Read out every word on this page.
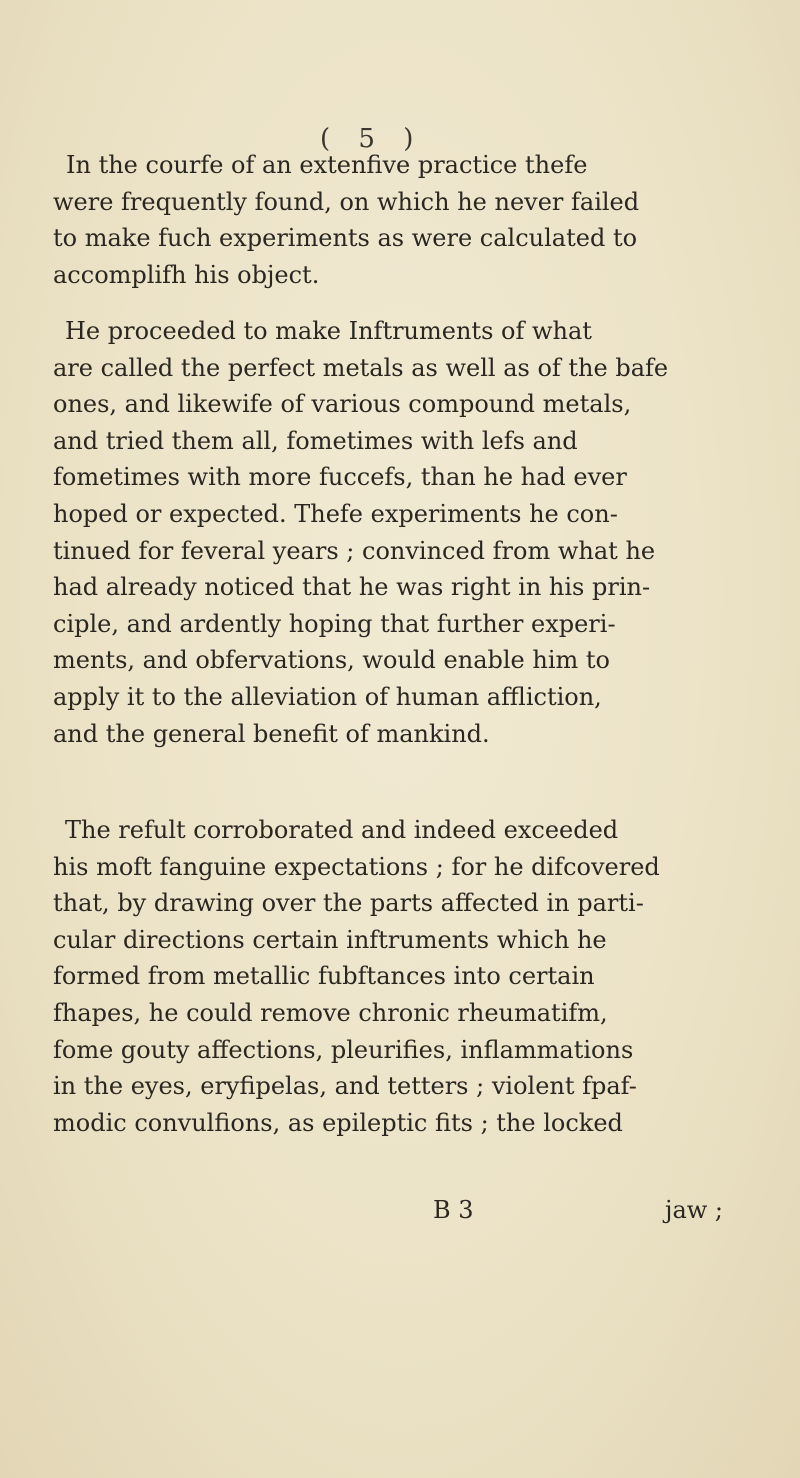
( 5 )
In the courfe of an extenfive practice thefe
were frequently found, on which he never failed
to make fuch experiments as were calculated to
accomplifh his object.
He proceeded to make Inftruments of what
are called the perfect metals as well as of the bafe
ones, and likewife of various compound metals,
and tried them all, fometimes with lefs and
fometimes with more fuccefs, than he had ever
hoped or expected. Thefe experiments he con-
tinued for feveral years ; convinced from what he
had already noticed that he was right in his prin-
ciple, and ardently hoping that further experi-
ments, and obfervations, would enable him to
apply it to the alleviation of human affliction,
and the general benefit of mankind.
The refult corroborated and indeed exceeded
his moft fanguine expectations ; for he difcovered
that, by drawing over the parts affected in parti-
cular directions certain inftruments which he
formed from metallic fubftances into certain
fhapes, he could remove chronic rheumatifm,
fome gouty affections, pleurifies, inflammations
in the eyes, eryfipelas, and tetters ; violent fpaf-
modic convulfions, as epileptic fits ; the locked
B 3	jaw ;
